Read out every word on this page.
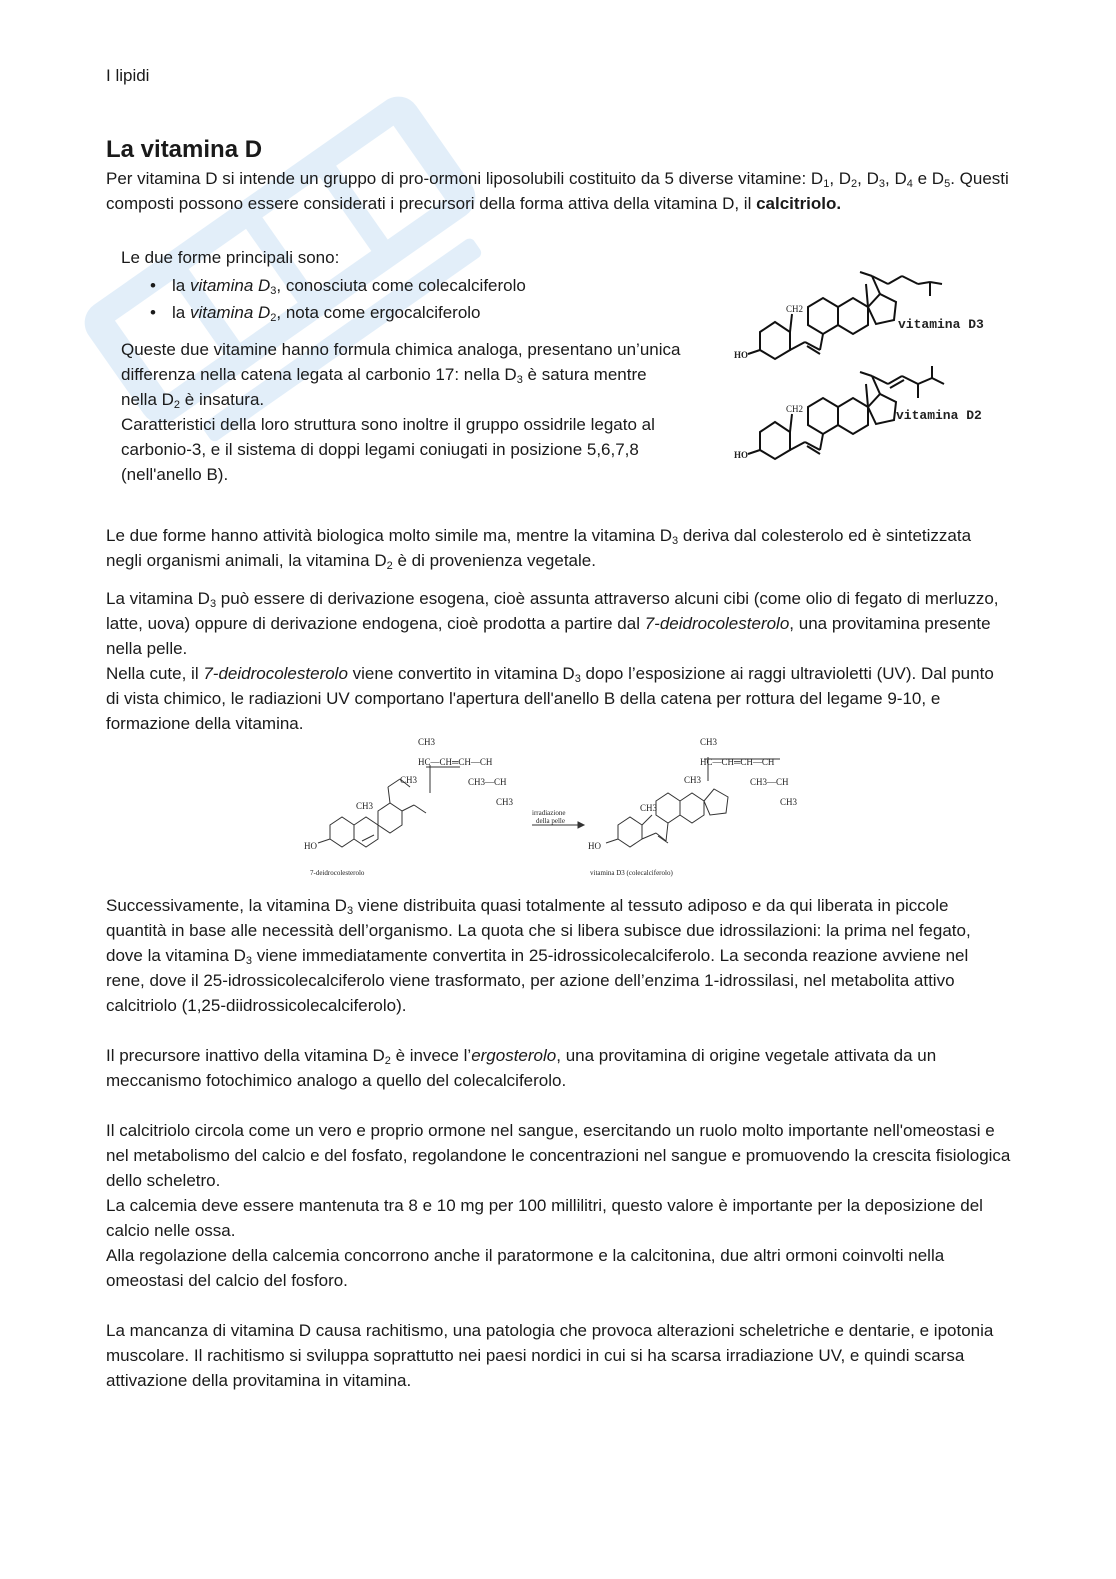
I lipidi
La vitamina D

Per vitamina D si intende un gruppo di pro-ormoni liposolubili costituito da 5 diverse vitamine: $D_1$, $D_2$, $D_3$, $D_4$ e $D_5$. Questi composti possono essere considerati i precursori della forma attiva della vitamina D, il calcitriolo.

Le due forme principali sono:
• la vitamina $D_3$, conosciuta come colecalciferolo
• la vitamina $D_2$, nota come ergocalciferolo

Queste due vitamine hanno formula chimica analoga, presentano un’unica differenza nella catena legata al carbonio 17: nella $D_3$ è satura mentre nella $D_2$ è insatura.
Caratteristici della loro struttura sono inoltre il gruppo ossidrile legato al carbonio-3, e il sistema di doppi legami coniugati in posizione 5,6,7,8
(nell'anello B).

vitamina D3
vitamina D2
HO
HO
CH2
CH2

Le due forme hanno attività biologica molto simile ma, mentre la vitamina $D_3$ deriva dal colesterolo ed è sintetizzata negli organismi animali, la vitamina $D_2$ è di provenienza vegetale.

La vitamina $D_3$ può essere di derivazione esogena, cioè assunta attraverso alcuni cibi (come olio di fegato di merluzzo, latte, uova) oppure di derivazione endogena, cioè prodotta a partire dal 7-deidrocolesterolo, una provitamina presente nella pelle.
Nella cute, il 7-deidrocolesterolo viene convertito in vitamina $D_3$ dopo l’esposizione ai raggi ultravioletti (UV). Dal punto di vista chimico, le radiazioni UV comportano l'apertura dell'anello B della catena per rottura del legame 9-10, e formazione della vitamina.

CH3
HC—CH═CH—CH
CH3	CH3—CH
CH3
CH3
HO
irradiazione
della pelle
7-deidrocolesterolo
CH3
HC—CH═CH—CH
CH3	CH3—CH
CH3
CH3
HO
vitamina D3 (colecalciferolo)

Successivamente, la vitamina $D_3$ viene distribuita quasi totalmente al tessuto adiposo e da qui liberata in piccole quantità in base alle necessità dell’organismo. La quota che si libera subisce due idrossilazioni: la prima nel fegato, dove la vitamina $D_3$ viene immediatamente convertita in 25-idrossicolecalciferolo. La seconda reazione avviene nel rene, dove il 25-idrossicolecalciferolo viene trasformato, per azione dell’enzima 1-idrossilasi, nel metabolita attivo calcitriolo (1,25-diidrossicolecalciferolo).

Il precursore inattivo della vitamina $D_2$ è invece l’ergosterolo, una provitamina di origine vegetale attivata da un meccanismo fotochimico analogo a quello del colecalciferolo.

Il calcitriolo circola come un vero e proprio ormone nel sangue, esercitando un ruolo molto importante nell'omeostasi e nel metabolismo del calcio e del fosfato, regolandone le concentrazioni nel sangue e promuovendo la crescita fisiologica dello scheletro.
La calcemia deve essere mantenuta tra 8 e 10 mg per 100 millilitri, questo valore è importante per la deposizione del calcio nelle ossa.
Alla regolazione della calcemia concorrono anche il paratormone e la calcitonina, due altri ormoni coinvolti nella omeostasi del calcio del fosforo.

La mancanza di vitamina D causa rachitismo, una patologia che provoca alterazioni scheletriche e dentarie, e ipotonia muscolare. Il rachitismo si sviluppa soprattutto nei paesi nordici in cui si ha scarsa irradiazione UV, e quindi scarsa attivazione della provitamina in vitamina.
